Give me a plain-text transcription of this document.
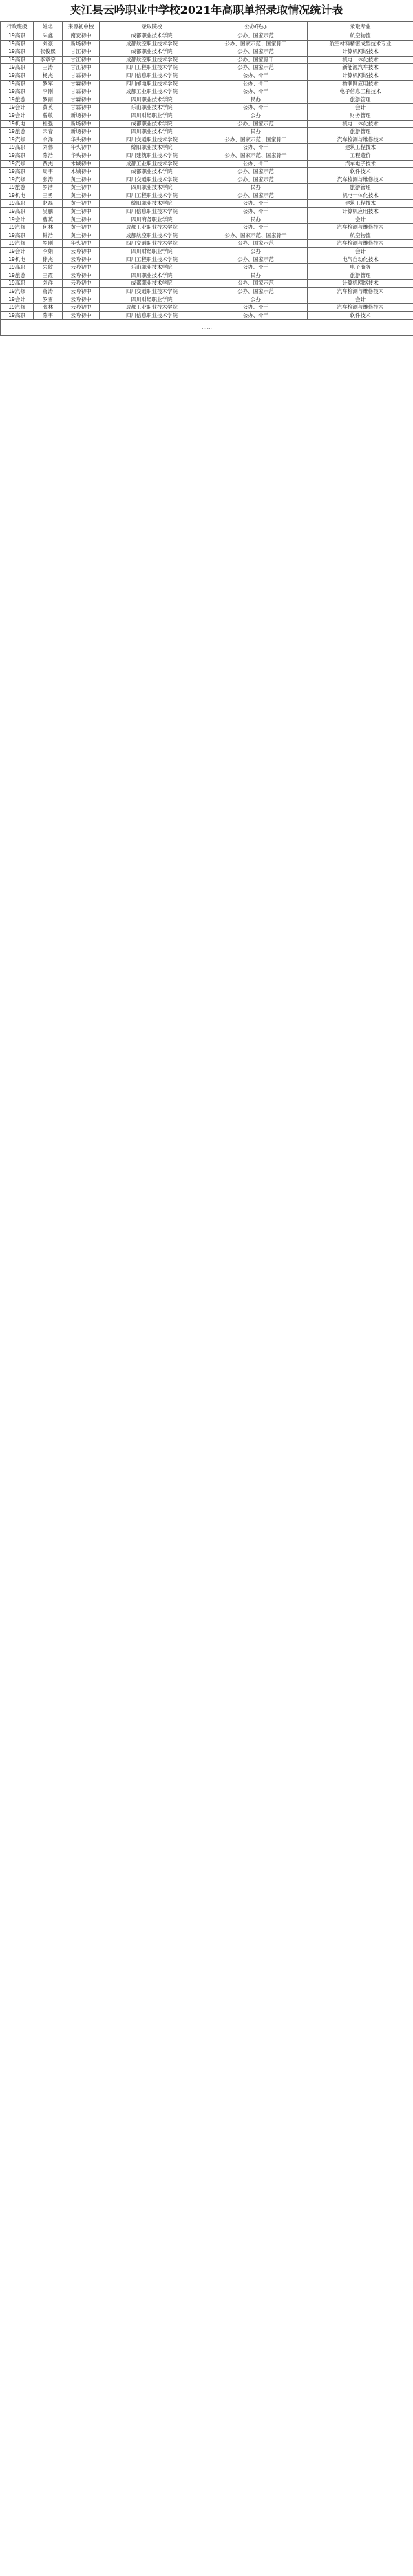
夹江县云吟职业中学校2021年高职单招录取情况统计表
行政班级	姓名	来源初中校	录取院校	公办/民办	录取专业
19高职	朱鑫	南安初中	成都职业技术学院	公办、国家示范	航空物流
19高职	刘豪	新场初中	成都航空职业技术学院	公办、国家示范、国家骨干	航空材料精密成型技术专业
19高职	张俊熙	甘江初中	成都职业技术学院	公办、国家示范	计算机网络技术
19高职	李章宇	甘江初中	成都航空职业技术学院	公办、国家骨干	机电一体化技术
19高职	王涛	甘江初中	四川工程职业技术学院	公办、国家示范	新能源汽车技术
19高职	杨杰	甘霖初中	四川信息职业技术学院	公办、骨干	计算机网络技术
19高职	罗军	甘霖初中	四川邮电职业技术学院	公办、骨干	物联网应用技术
19高职	李刚	甘霖初中	成都工业职业技术学院	公办、骨干	电子信息工程技术
19旅游	罗丽	甘霖初中	四川职业技术学院	民办	旅游管理
19会计	黄英	甘霖初中	乐山职业技术学院	公办、骨干	会计
19会计	曾敏	新场初中	四川财经职业学院	公办	财务管理
19机电	杜强	新场初中	成都职业技术学院	公办、国家示范	机电一体化技术
19旅游	宋春	新场初中	四川职业技术学院	民办	旅游管理
19汽修	余洋	华头初中	四川交通职业技术学院	公办、国家示范、国家骨干	汽车检测与维修技术
19高职	刘伟	华头初中	绵阳职业技术学院	公办、骨干	建筑工程技术
19高职	陈浩	华头初中	四川建筑职业技术学院	公办、国家示范、国家骨干	工程造价
19汽修	黄杰	木城初中	成都工业职业技术学院	公办、骨干	汽车电子技术
19高职	周宇	木城初中	成都职业技术学院	公办、国家示范	软件技术
19汽修	张涛	黄土初中	四川交通职业技术学院	公办、国家示范	汽车检测与维修技术
19旅游	罗洁	黄土初中	四川职业技术学院	民办	旅游管理
19机电	王勇	黄土初中	四川工程职业技术学院	公办、国家示范	机电一体化技术
19高职	赵磊	黄土初中	绵阳职业技术学院	公办、骨干	建筑工程技术
19高职	吴鹏	黄土初中	四川信息职业技术学院	公办、骨干	计算机应用技术
19会计	曹英	黄土初中	四川商务职业学院	民办	会计
19汽修	何林	黄土初中	成都工业职业技术学院	公办、骨干	汽车检测与维修技术
19高职	钟浩	黄土初中	成都航空职业技术学院	公办、国家示范、国家骨干	航空物流
19汽修	罗刚	华头初中	四川交通职业技术学院	公办、国家示范	汽车检测与维修技术
19会计	李娟	云吟初中	四川财经职业学院	公办	会计
19机电	徐杰	云吟初中	四川工程职业技术学院	公办、国家示范	电气自动化技术
19高职	朱敏	云吟初中	乐山职业技术学院	公办、骨干	电子商务
19旅游	王霞	云吟初中	四川职业技术学院	民办	旅游管理
19高职	刘洋	云吟初中	成都职业技术学院	公办、国家示范	计算机网络技术
19汽修	蒋涛	云吟初中	四川交通职业技术学院	公办、国家示范	汽车检测与维修技术
19会计	罗雪	云吟初中	四川财经职业学院	公办	会计
19汽修	张林	云吟初中	成都工业职业技术学院	公办、骨干	汽车检测与维修技术
19高职	陈宇	云吟初中	四川信息职业技术学院	公办、骨干	软件技术
……					
